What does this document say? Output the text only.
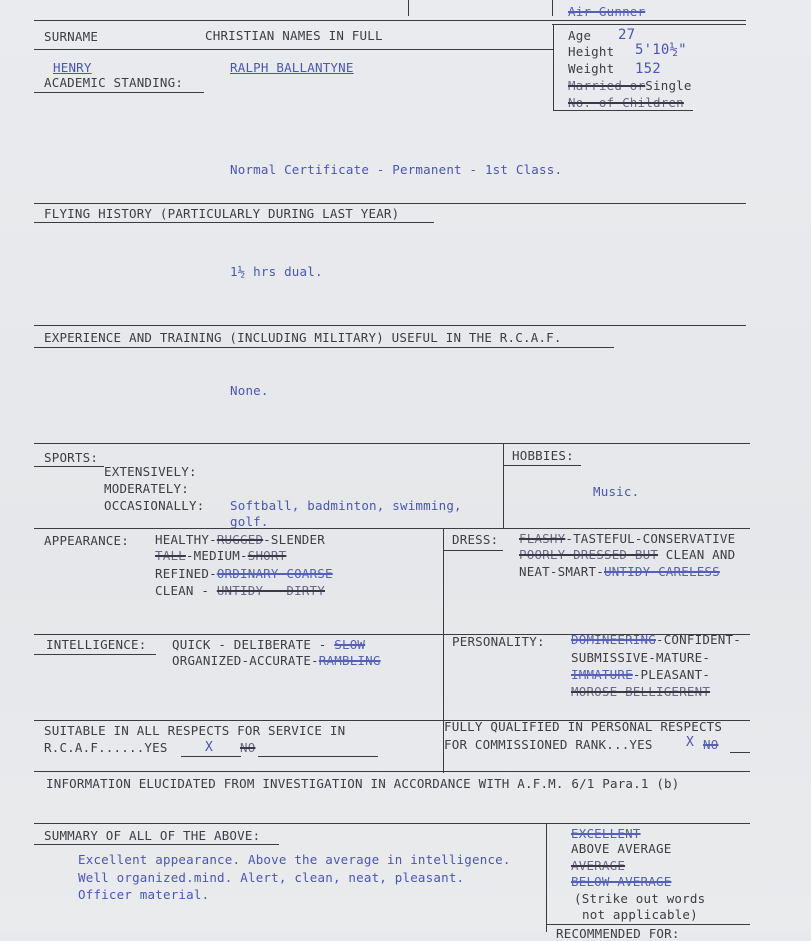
Air Gunner
SURNAME	CHRISTIAN NAMES IN FULL
HENRY	RALPH BALLANTYNE
ACADEMIC STANDING:
Age 27
Height 5'10½"
Weight 152
Married orSingle
No. of Children
Normal Certificate - Permanent - 1st Class.
FLYING HISTORY (PARTICULARLY DURING LAST YEAR)
1½ hrs dual.
EXPERIENCE AND TRAINING (INCLUDING MILITARY) USEFUL IN THE R.C.A.F.
None.
SPORTS:
EXTENSIVELY:
MODERATELY:
OCCASIONALLY: Softball, badminton, swimming,
golf.
HOBBIES:
Music.
APPEARANCE: HEALTHY-RUGGED-SLENDER
TALL-MEDIUM-SHORT
REFINED-ORDINARY-COARSE
CLEAN - UNTIDY - DIRTY
DRESS: FLASHY-TASTEFUL-CONSERVATIVE
POORLY DRESSED BUT CLEAN AND
NEAT-SMART-UNTIDY-CARELESS
INTELLIGENCE: QUICK - DELIBERATE - SLOW
ORGANIZED-ACCURATE-RAMBLING
PERSONALITY: DOMINEERING-CONFIDENT-
SUBMISSIVE-MATURE-
IMMATURE-PLEASANT-
MOROSE-BELLIGERENT
SUITABLE IN ALL RESPECTS FOR SERVICE IN
R.C.A.F......YES	X NO
FULLY QUALIFIED IN PERSONAL RESPECTS
FOR COMMISSIONED RANK...YES	X NO
INFORMATION ELUCIDATED FROM INVESTIGATION IN ACCORDANCE WITH A.F.M. 6/1 Para.1 (b)
SUMMARY OF ALL OF THE ABOVE:
Excellent appearance. Above the average in intelligence.
Well organized.mind. Alert, clean, neat, pleasant.
Officer material.
EXCELLENT
ABOVE AVERAGE
AVERAGE
BELOW AVERAGE
(Strike out words
not applicable)
RECOMMENDED FOR:
